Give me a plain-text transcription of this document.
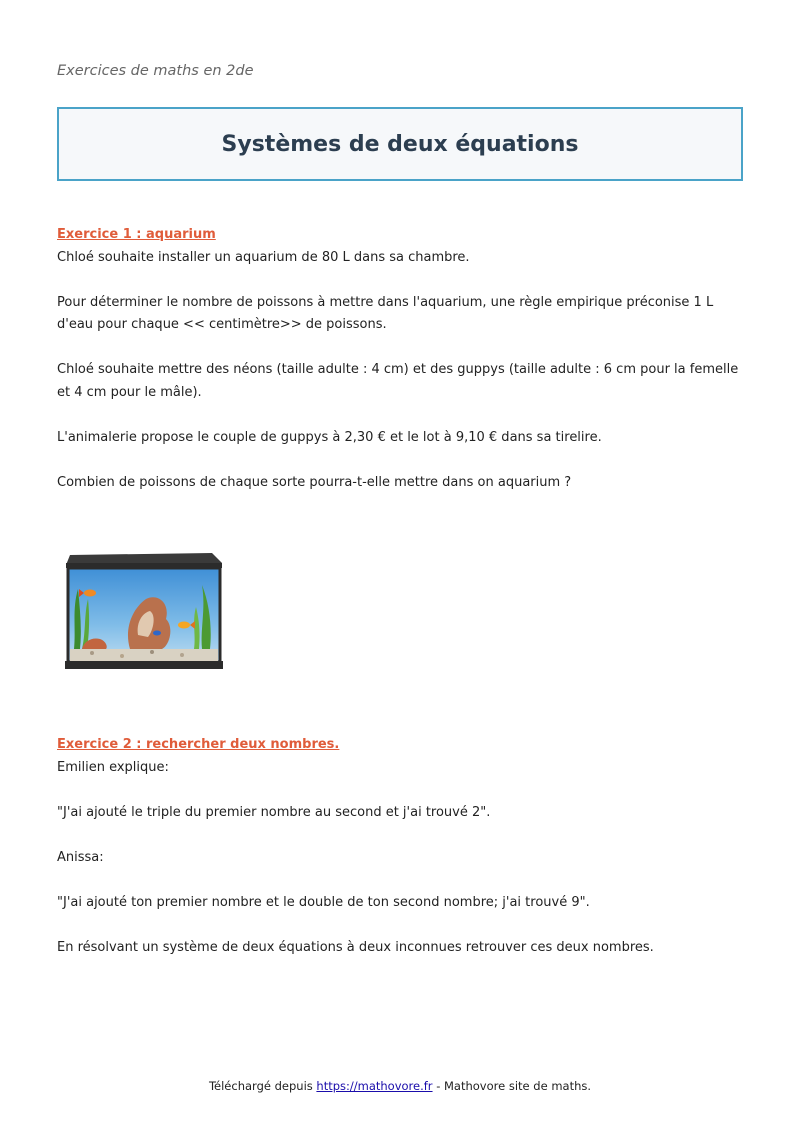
Exercices de maths en 2de
Systèmes de deux équations

Exercice 1 : aquarium

Chloé souhaite installer un aquarium de 80 L dans sa chambre.

Pour déterminer le nombre de poissons à mettre dans l'aquarium, une règle empirique préconise 1 L d'eau pour chaque << centimètre>> de poissons.

Chloé souhaite mettre des néons (taille adulte : 4 cm) et des guppys (taille adulte : 6 cm pour la femelle et 4 cm pour le mâle).

L'animalerie propose le couple de guppys à 2,30 € et le lot à 9,10 € dans sa tirelire.

Combien de poissons de chaque sorte pourra-t-elle mettre dans on aquarium ?

Exercice 2 : rechercher deux nombres.

Emilien explique:

"J'ai ajouté le triple du premier nombre au second et j'ai trouvé 2".

Anissa:

"J'ai ajouté ton premier nombre et le double de ton second nombre; j'ai trouvé 9".

En résolvant un système de deux équations à deux inconnues retrouver ces deux nombres.

Téléchargé depuis https://mathovore.fr - Mathovore site de maths.
